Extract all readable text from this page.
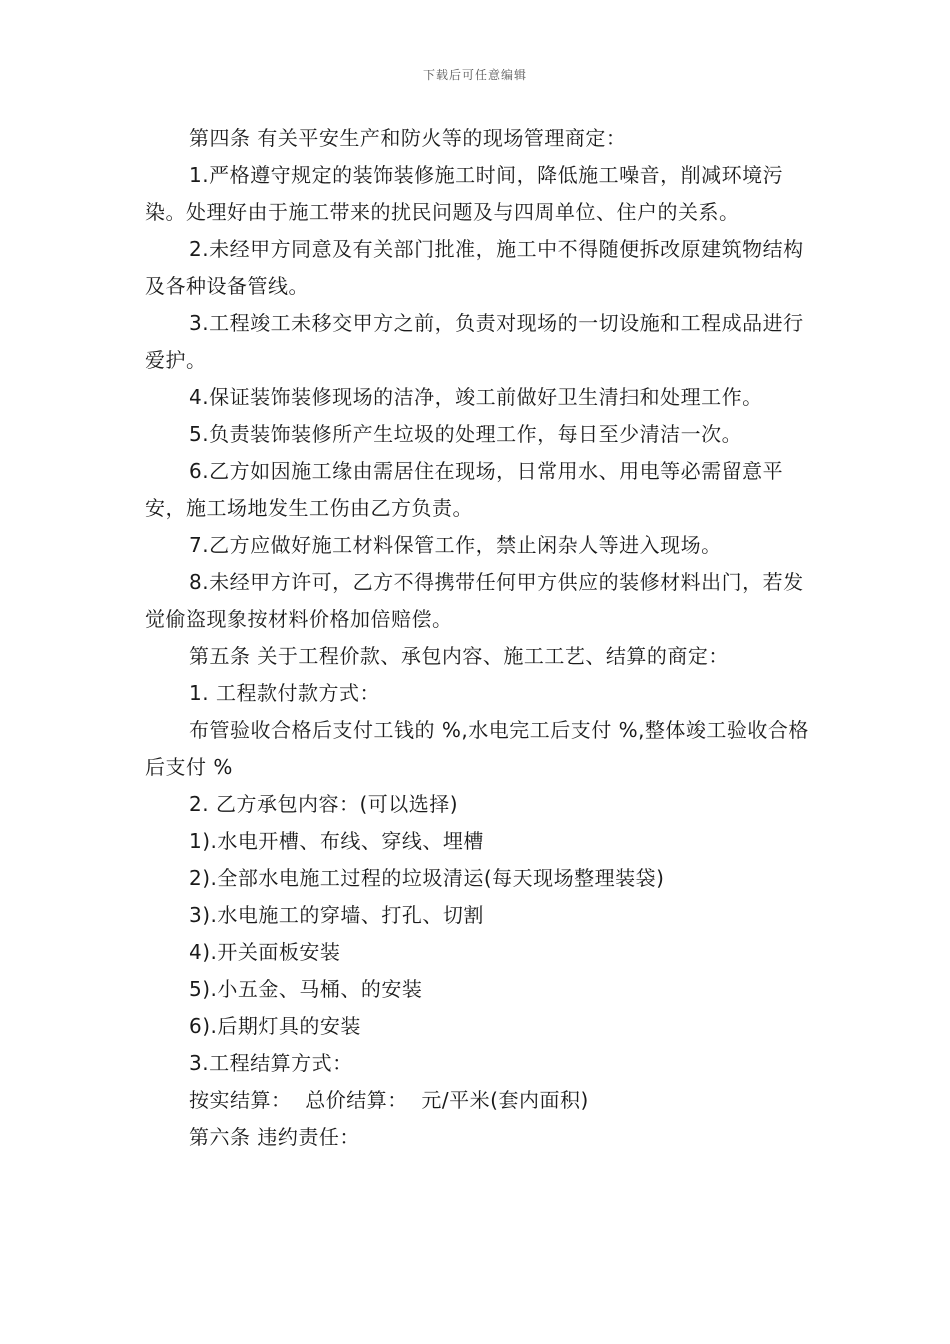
下载后可任意编辑

第四条 有关平安生产和防火等的现场管理商定：

1.严格遵守规定的装饰装修施工时间，降低施工噪音，削减环境污染。处理好由于施工带来的扰民问题及与四周单位、住户的关系。

2.未经甲方同意及有关部门批准，施工中不得随便拆改原建筑物结构及各种设备管线。

3.工程竣工未移交甲方之前，负责对现场的一切设施和工程成品进行爱护。

4.保证装饰装修现场的洁净，竣工前做好卫生清扫和处理工作。

5.负责装饰装修所产生垃圾的处理工作，每日至少清洁一次。

6.乙方如因施工缘由需居住在现场，日常用水、用电等必需留意平安，施工场地发生工伤由乙方负责。

7.乙方应做好施工材料保管工作，禁止闲杂人等进入现场。

8.未经甲方许可，乙方不得携带任何甲方供应的装修材料出门，若发觉偷盗现象按材料价格加倍赔偿。

第五条 关于工程价款、承包内容、施工工艺、结算的商定：

1. 工程款付款方式：

布管验收合格后支付工钱的 %,水电完工后支付 %,整体竣工验收合格后支付 %

2. 乙方承包内容：(可以选择)

1).水电开槽、布线、穿线、埋槽

2).全部水电施工过程的垃圾清运(每天现场整理装袋)

3).水电施工的穿墙、打孔、切割

4).开关面板安装

5).小五金、马桶、的安装

6).后期灯具的安装

3.工程结算方式：

按实结算：  总价结算：  元/平米(套内面积)

第六条 违约责任：
